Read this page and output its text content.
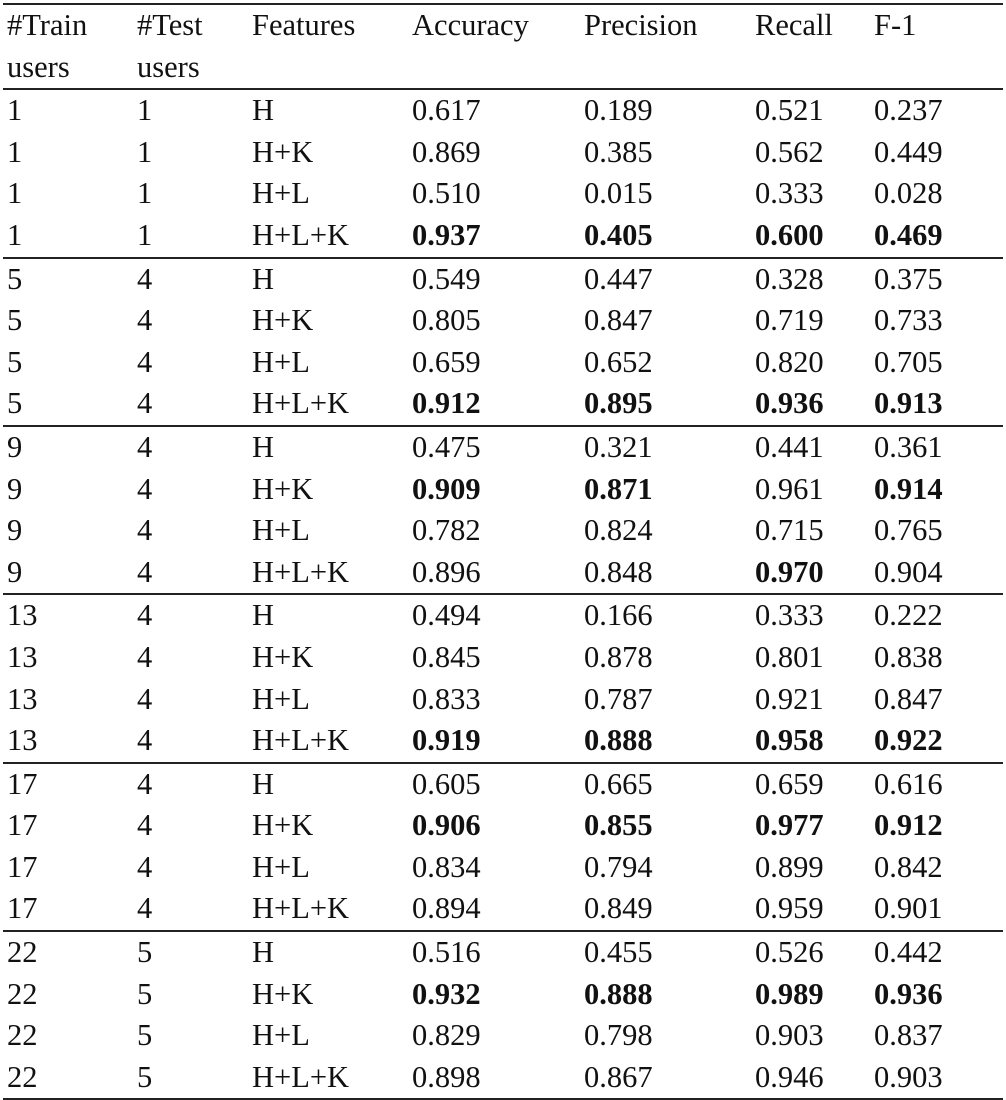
#Train	#Test	Features	Accuracy	Precision	Recall	F-1
users	users					
1	1	H	0.617	0.189	0.521	0.237
1	1	H+K	0.869	0.385	0.562	0.449
1	1	H+L	0.510	0.015	0.333	0.028
1	1	H+L+K	0.937	0.405	0.600	0.469
5	4	H	0.549	0.447	0.328	0.375
5	4	H+K	0.805	0.847	0.719	0.733
5	4	H+L	0.659	0.652	0.820	0.705
5	4	H+L+K	0.912	0.895	0.936	0.913
9	4	H	0.475	0.321	0.441	0.361
9	4	H+K	0.909	0.871	0.961	0.914
9	4	H+L	0.782	0.824	0.715	0.765
9	4	H+L+K	0.896	0.848	0.970	0.904
13	4	H	0.494	0.166	0.333	0.222
13	4	H+K	0.845	0.878	0.801	0.838
13	4	H+L	0.833	0.787	0.921	0.847
13	4	H+L+K	0.919	0.888	0.958	0.922
17	4	H	0.605	0.665	0.659	0.616
17	4	H+K	0.906	0.855	0.977	0.912
17	4	H+L	0.834	0.794	0.899	0.842
17	4	H+L+K	0.894	0.849	0.959	0.901
22	5	H	0.516	0.455	0.526	0.442
22	5	H+K	0.932	0.888	0.989	0.936
22	5	H+L	0.829	0.798	0.903	0.837
22	5	H+L+K	0.898	0.867	0.946	0.903
